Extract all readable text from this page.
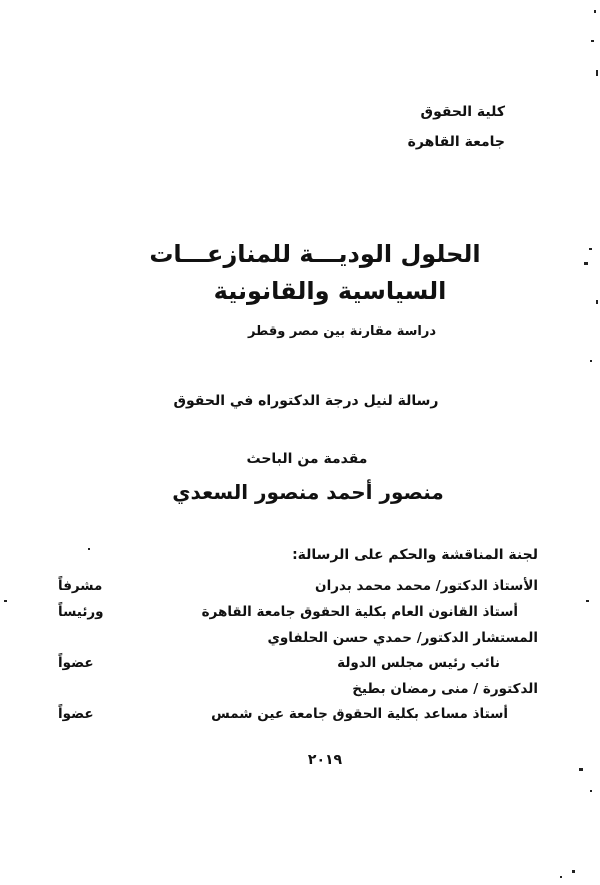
كلية الحقوق
جامعة القاهرة
الحلول الوديـــة للمنازعـــات
السياسية والقانونية
دراسة مقارنة بين مصر وقطر
رسالة لنيل درجة الدكتوراه في الحقوق
مقدمة من الباحث
منصور أحمد منصور السعدي
لجنة المناقشة والحكم على الرسالة:
الأستاذ الدكتور/ محمد محمد بدران
مشرفاً
أستاذ القانون العام بكلية الحقوق جامعة القاهرة
ورئيساً
المستشار الدكتور/ حمدي حسن الحلفاوي
نائب رئيس مجلس الدولة
عضواً
الدكتورة / منى رمضان بطيخ
أستاذ مساعد بكلية الحقوق جامعة عين شمس
عضواً
٢٠١٩
